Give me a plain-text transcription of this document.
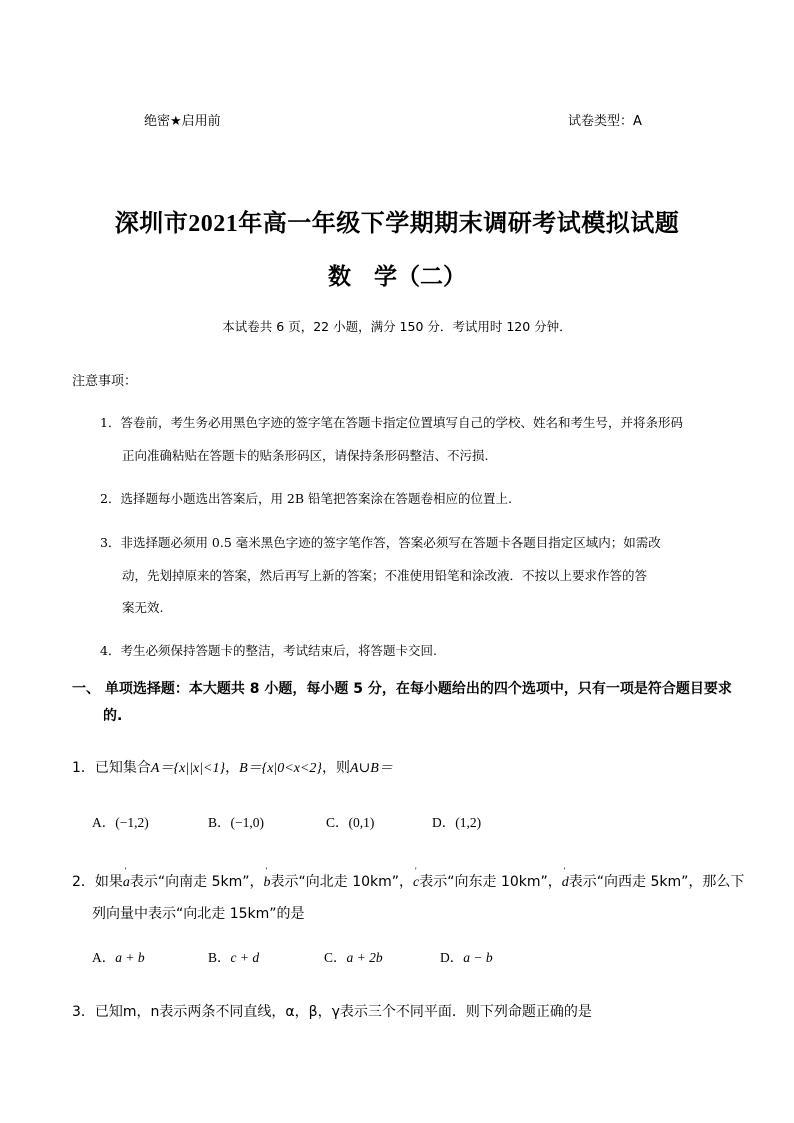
绝密★启用前	试卷类型：A
深圳市2021年高一年级下学期期末调研考试模拟试题
数　学（二）
本试卷共 6 页，22 小题，满分 150 分．考试用时 120 分钟．
注意事项：
1．答卷前，考生务必用黑色字迹的签字笔在答题卡指定位置填写自己的学校、姓名和考生号，并将条形码
正向准确粘贴在答题卡的贴条形码区，请保持条形码整洁、不污损.
2．选择题每小题选出答案后，用 2B 铅笔把答案涂在答题卷相应的位置上.
3．非选择题必须用 0.5 毫米黑色字迹的签字笔作答，答案必须写在答题卡各题目指定区域内；如需改
动，先划掉原来的答案，然后再写上新的答案；不准使用铅笔和涂改液．不按以上要求作答的答
案无效.
4．考生必须保持答题卡的整洁，考试结束后，将答题卡交回.
一、 单项选择题：本大题共 8 小题，每小题 5 分，在每小题给出的四个选项中，只有一项是符合题目要求
的.
1．已知集合A＝{x||x|<1}，B＝{x|0<x<2}，则A∪B＝
A．(−1,2)	B．(−1,0)	C．(0,1)	D．(1,2)
2．如果' a表示“向南走 5km”，' b表示“向北走 10km”，' c表示“向东走 10km”，' d表示“向西走 5km”，那么下
列向量中表示“向北走 15km”的是
A．a + b	B．c + d	C．a + 2b	D．a − b
3．已知m，n表示两条不同直线，α，β，γ表示三个不同平面．则下列命题正确的是
